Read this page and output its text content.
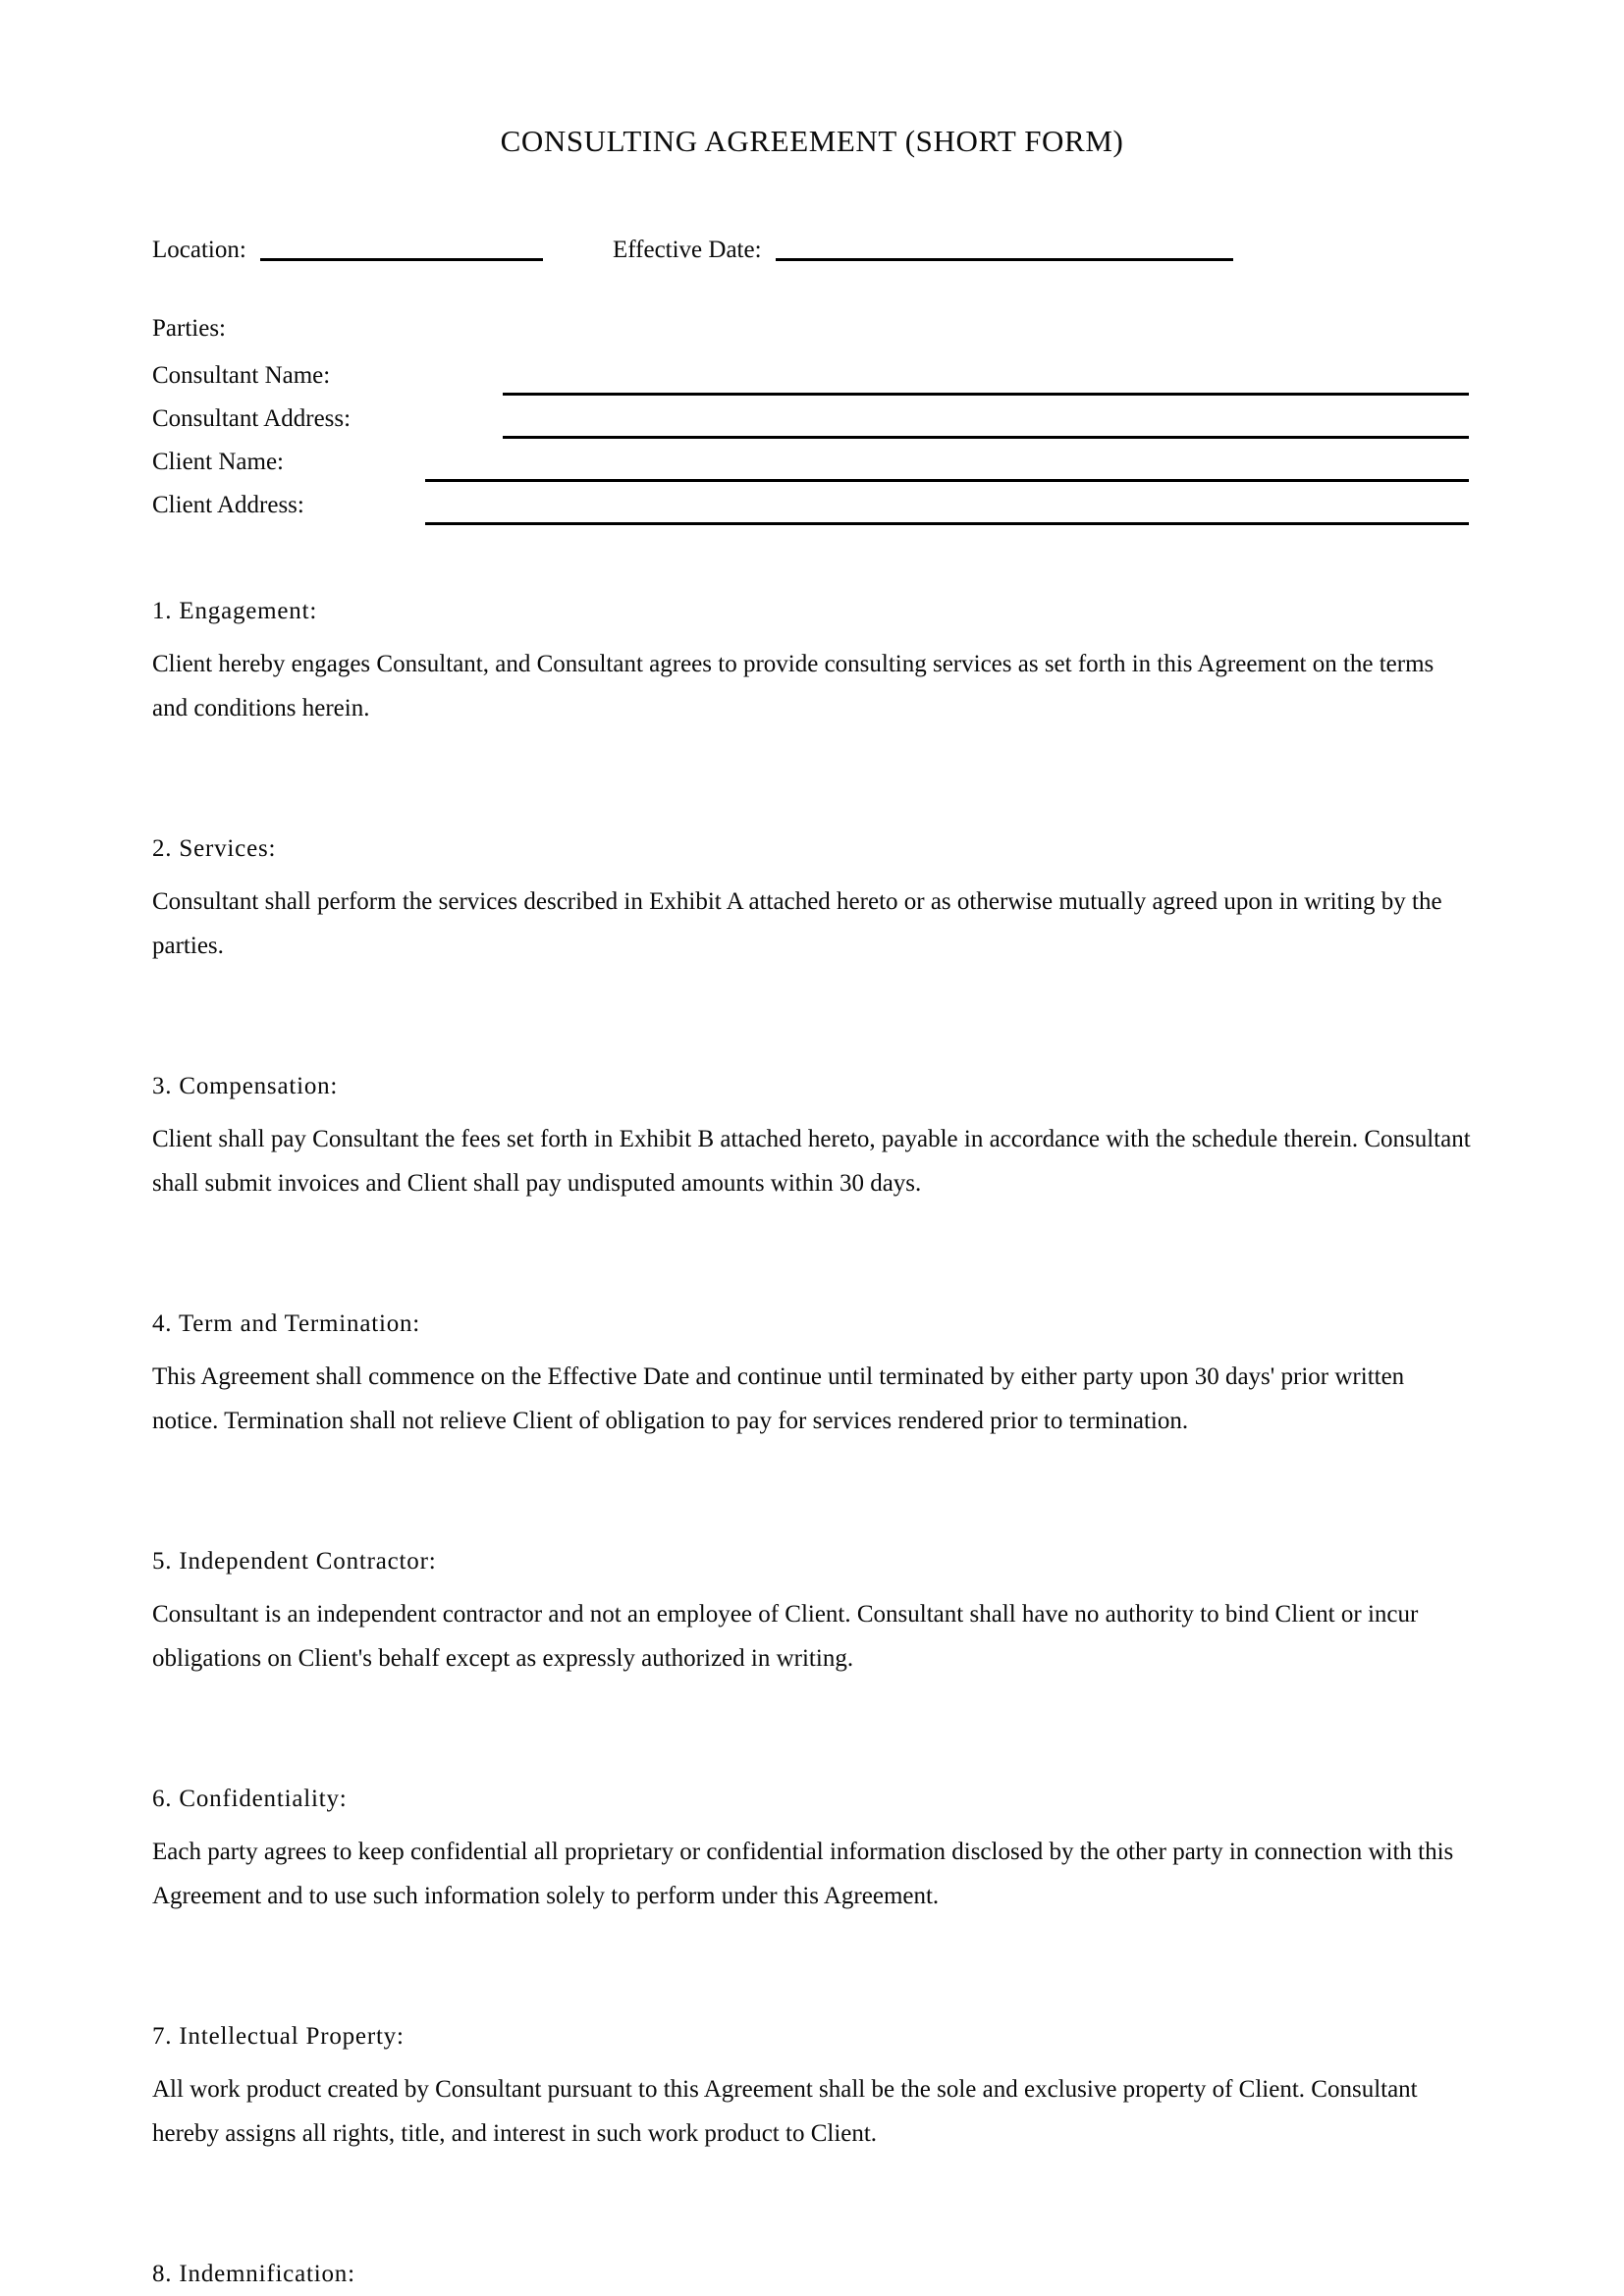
CONSULTING AGREEMENT (SHORT FORM)
Location:	Effective Date:
Parties:
Consultant Name:
Consultant Address:
Client Name:
Client Address:
1. Engagement:

Client hereby engages Consultant, and Consultant agrees to provide consulting services as set forth in this Agreement on the terms and conditions herein.

2. Services:

Consultant shall perform the services described in Exhibit A attached hereto or as otherwise mutually agreed upon in writing by the parties.

3. Compensation:

Client shall pay Consultant the fees set forth in Exhibit B attached hereto, payable in accordance with the schedule therein. Consultant shall submit invoices and Client shall pay undisputed amounts within 30 days.

4. Term and Termination:

This Agreement shall commence on the Effective Date and continue until terminated by either party upon 30 days' prior written notice. Termination shall not relieve Client of obligation to pay for services rendered prior to termination.

5. Independent Contractor:

Consultant is an independent contractor and not an employee of Client. Consultant shall have no authority to bind Client or incur obligations on Client's behalf except as expressly authorized in writing.

6. Confidentiality:

Each party agrees to keep confidential all proprietary or confidential information disclosed by the other party in connection with this Agreement and to use such information solely to perform under this Agreement.

7. Intellectual Property:

All work product created by Consultant pursuant to this Agreement shall be the sole and exclusive property of Client. Consultant hereby assigns all rights, title, and interest in such work product to Client.

8. Indemnification:
